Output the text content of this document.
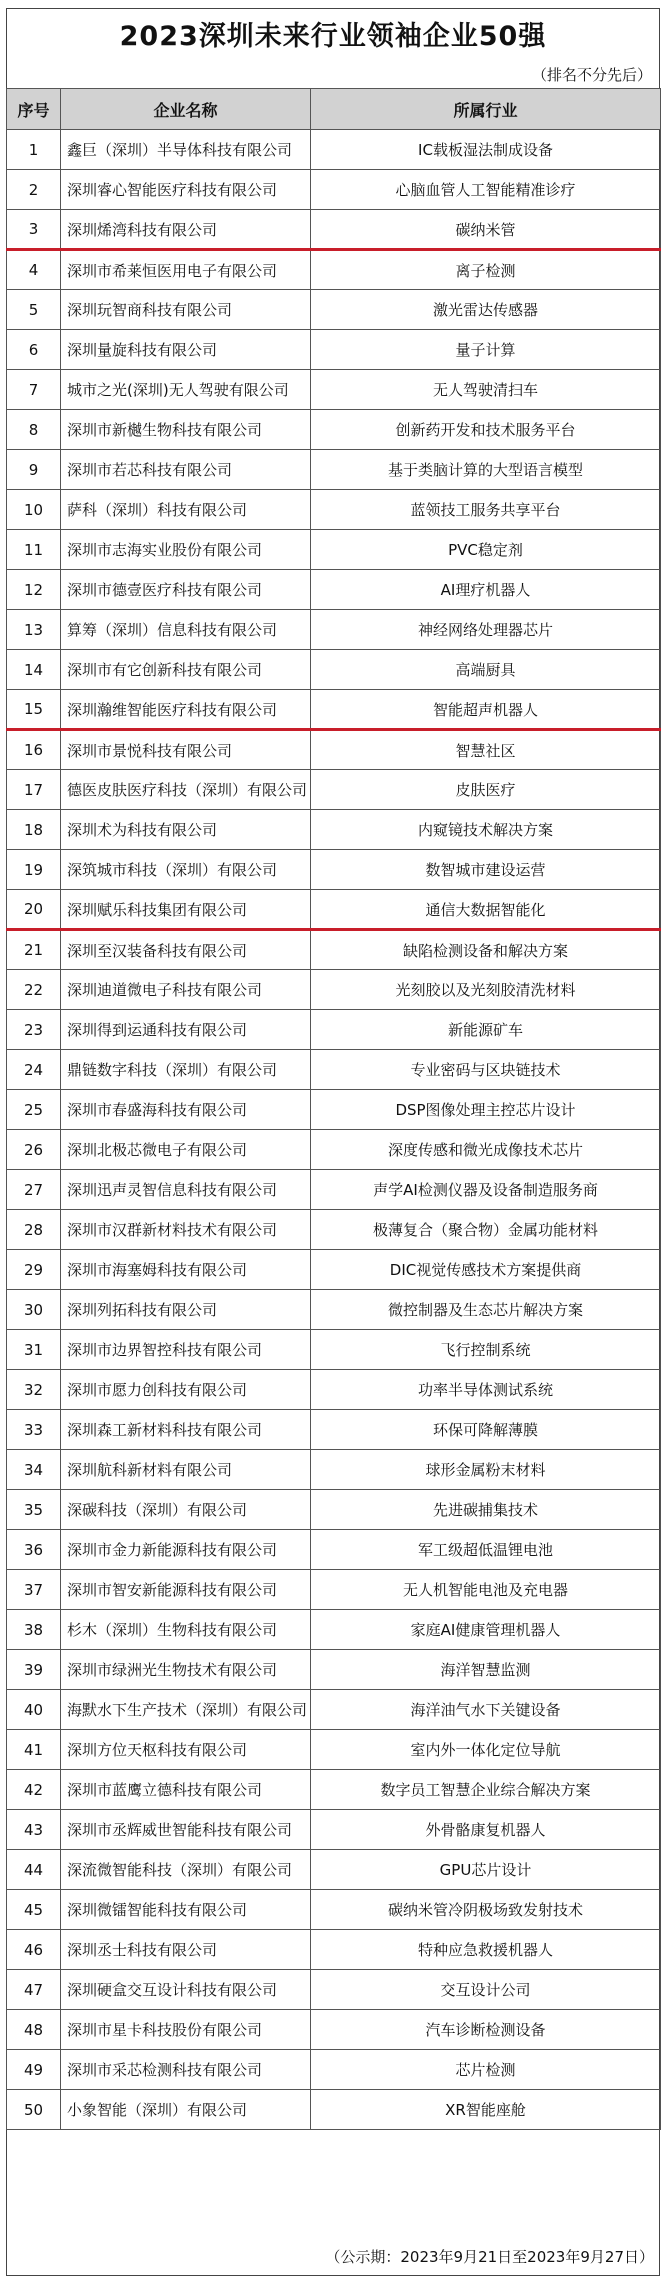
2023深圳未来行业领袖企业50强
（排名不分先后）
序号	企业名称	所属行业
1	鑫巨（深圳）半导体科技有限公司	IC载板湿法制成设备
2	深圳睿心智能医疗科技有限公司	心脑血管人工智能精准诊疗
3	深圳烯湾科技有限公司	碳纳米管
4	深圳市希莱恒医用电子有限公司	离子检测
5	深圳玩智商科技有限公司	激光雷达传感器
6	深圳量旋科技有限公司	量子计算
7	城市之光(深圳)无人驾驶有限公司	无人驾驶清扫车
8	深圳市新樾生物科技有限公司	创新药开发和技术服务平台
9	深圳市若芯科技有限公司	基于类脑计算的大型语言模型
10	萨科（深圳）科技有限公司	蓝领技工服务共享平台
11	深圳市志海实业股份有限公司	PVC稳定剂
12	深圳市德壹医疗科技有限公司	AI理疗机器人
13	算筹（深圳）信息科技有限公司	神经网络处理器芯片
14	深圳市有它创新科技有限公司	高端厨具
15	深圳瀚维智能医疗科技有限公司	智能超声机器人
16	深圳市景悦科技有限公司	智慧社区
17	德医皮肤医疗科技（深圳）有限公司	皮肤医疗
18	深圳术为科技有限公司	内窥镜技术解决方案
19	深筑城市科技（深圳）有限公司	数智城市建设运营
20	深圳赋乐科技集团有限公司	通信大数据智能化
21	深圳至汉装备科技有限公司	缺陷检测设备和解决方案
22	深圳迪道微电子科技有限公司	光刻胶以及光刻胶清洗材料
23	深圳得到运通科技有限公司	新能源矿车
24	鼎链数字科技（深圳）有限公司	专业密码与区块链技术
25	深圳市春盛海科技有限公司	DSP图像处理主控芯片设计
26	深圳北极芯微电子有限公司	深度传感和微光成像技术芯片
27	深圳迅声灵智信息科技有限公司	声学AI检测仪器及设备制造服务商
28	深圳市汉群新材料技术有限公司	极薄复合（聚合物）金属功能材料
29	深圳市海塞姆科技有限公司	DIC视觉传感技术方案提供商
30	深圳列拓科技有限公司	微控制器及生态芯片解决方案
31	深圳市边界智控科技有限公司	飞行控制系统
32	深圳市愿力创科技有限公司	功率半导体测试系统
33	深圳森工新材料科技有限公司	环保可降解薄膜
34	深圳航科新材料有限公司	球形金属粉末材料
35	深碳科技（深圳）有限公司	先进碳捕集技术
36	深圳市金力新能源科技有限公司	军工级超低温锂电池
37	深圳市智安新能源科技有限公司	无人机智能电池及充电器
38	杉木（深圳）生物科技有限公司	家庭AI健康管理机器人
39	深圳市绿洲光生物技术有限公司	海洋智慧监测
40	海默水下生产技术（深圳）有限公司	海洋油气水下关键设备
41	深圳方位天枢科技有限公司	室内外一体化定位导航
42	深圳市蓝鹰立德科技有限公司	数字员工智慧企业综合解决方案
43	深圳市丞辉威世智能科技有限公司	外骨骼康复机器人
44	深流微智能科技（深圳）有限公司	GPU芯片设计
45	深圳微镭智能科技有限公司	碳纳米管冷阴极场致发射技术
46	深圳丞士科技有限公司	特种应急救援机器人
47	深圳硬盒交互设计科技有限公司	交互设计公司
48	深圳市星卡科技股份有限公司	汽车诊断检测设备
49	深圳市采芯检测科技有限公司	芯片检测
50	小象智能（深圳）有限公司	XR智能座舱
（公示期：2023年9月21日至2023年9月27日）
